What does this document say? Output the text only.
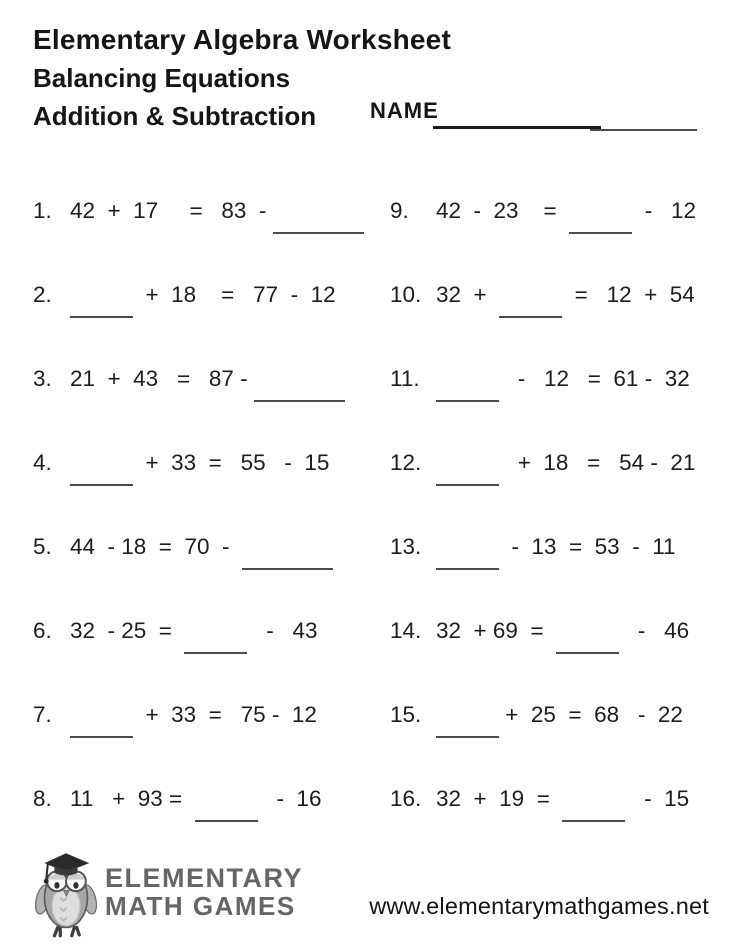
Elementary Algebra Worksheet
Balancing Equations
Addition & Subtraction	NAME
1. 42  +  17     =   83  -
2.	+  18    =   77  -  12
3. 21  +  43   =   87 -
4.	+  33  =   55   -  15
5. 44  - 18  =  70  -
6. 32  - 25  =	-   43
7.	+  33  =   75 -  12
8. 11   +  93 =	-  16
9. 42  -  23    =	-   12
10. 32  +	=   12  +  54
11.	-   12   =  61 -  32
12.	+  18   =   54 -  21
13.	-  13  =  53  -  11
14. 32  + 69  =	-   46
15.	+  25  =  68   -  22
16. 32  +  19  =	-  15
ELEMENTARY
MATH GAMES	www.elementarymathgames.net
